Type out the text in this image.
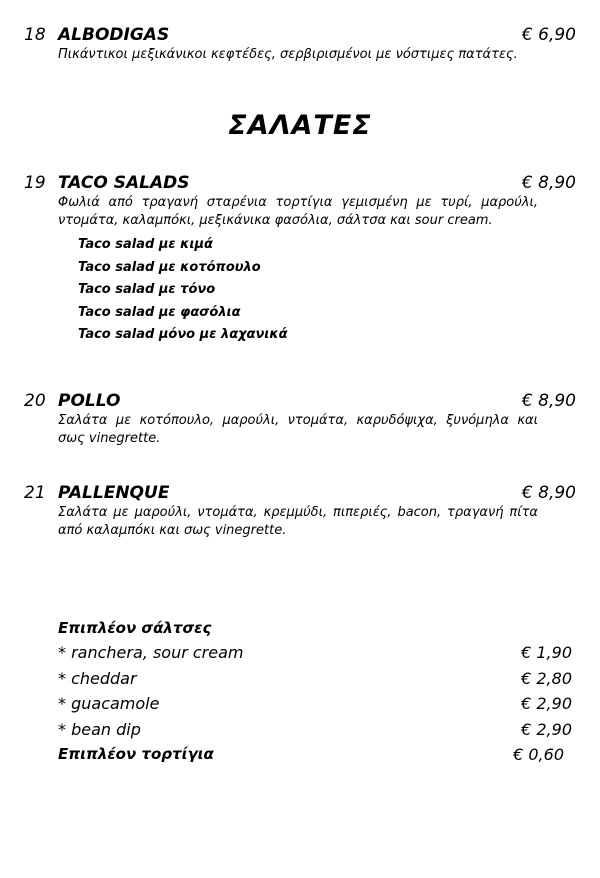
18 ALBODIGAS	€ 6,90
Πικάντικοι μεξικάνικοι κεφτέδες, σερβιρισμένοι με νόστιμες πατάτες.
ΣΑΛΑΤΕΣ
19 TACO SALADS	€ 8,90
Φωλιά από τραγανή σταρένια τορτίγια γεμισμένη με τυρί, μαρούλι, ντομάτα, καλαμπόκι, μεξικάνικα φασόλια, σάλτσα και sour cream.
Taco salad με κιμά
Taco salad με κοτόπουλο
Taco salad με τόνο
Taco salad με φασόλια
Taco salad μόνο με λαχανικά
20 POLLO	€ 8,90
Σαλάτα με κοτόπουλο, μαρούλι, ντομάτα, καρυδόψιχα, ξυνόμηλα και σως vinegrette.
21 PALLENQUE	€ 8,90
Σαλάτα με μαρούλι, ντομάτα, κρεμμύδι, πιπεριές, bacon, τραγανή πίτα από καλαμπόκι και σως vinegrette.
Επιπλέον σάλτσες
* ranchera, sour cream	€ 1,90
* cheddar	€ 2,80
* guacamole	€ 2,90
* bean dip	€ 2,90
Επιπλέον τορτίγια	€ 0,60
